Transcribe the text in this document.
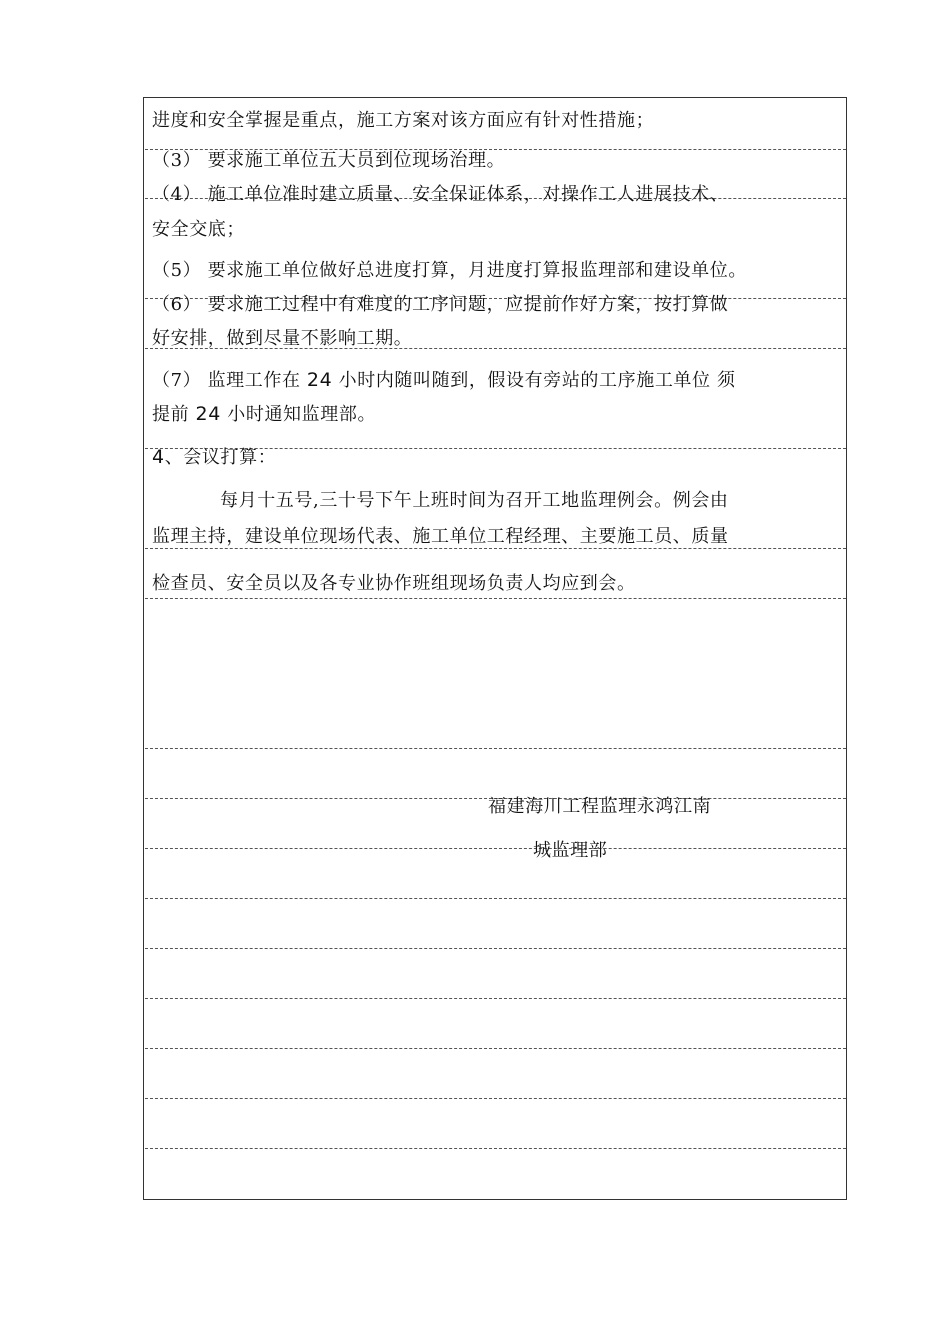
进度和安全掌握是重点，施工方案对该方面应有针对性措施；
（3） 要求施工单位五大员到位现场治理。
（4） 施工单位准时建立质量、安全保证体系，对操作工人进展技术、
安全交底；
（5） 要求施工单位做好总进度打算，月进度打算报监理部和建设单位。
（6） 要求施工过程中有难度的工序问题，应提前作好方案，按打算做
好安排，做到尽量不影响工期。
（7） 监理工作在 24 小时内随叫随到，假设有旁站的工序施工单位 须
提前 24 小时通知监理部。
4、会议打算：
每月十五号,三十号下午上班时间为召开工地监理例会。例会由
监理主持，建设单位现场代表、施工单位工程经理、主要施工员、质量
检查员、安全员以及各专业协作班组现场负责人均应到会。
福建海川工程监理永鸿江南
城监理部
